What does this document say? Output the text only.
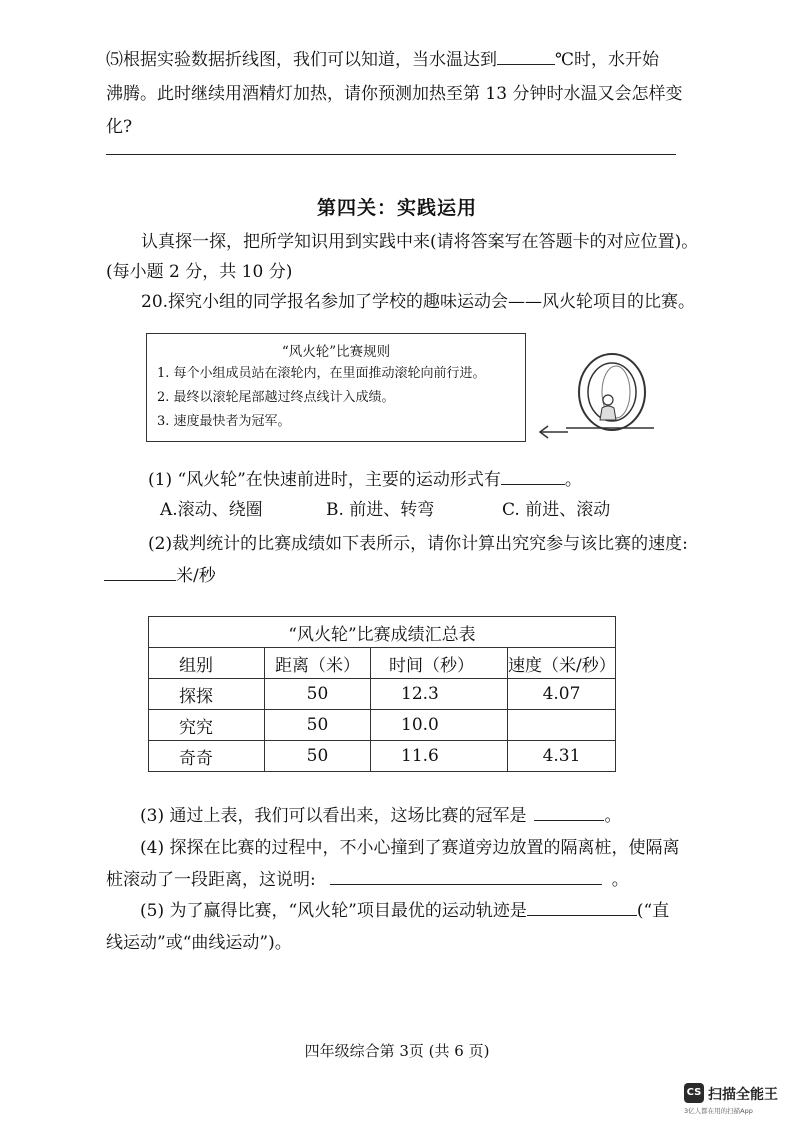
⑸根据实验数据折线图，我们可以知道，当水温达到	℃时，水开始
沸腾。此时继续用酒精灯加热，请你预测加热至第 13 分钟时水温又会怎样变
化?
第四关：实践运用
认真探一探，把所学知识用到实践中来(请将答案写在答题卡的对应位置)。
(每小题 2 分，共 10 分)
20.探究小组的同学报名参加了学校的趣味运动会——风火轮项目的比赛。
“风火轮”比赛规则
1. 每个小组成员站在滚轮内，在里面推动滚轮向前行进。
2. 最终以滚轮尾部越过终点线计入成绩。
3. 速度最快者为冠军。
(1) “风火轮”在快速前进时，主要的运动形式有	。
A.滚动、绕圈	B. 前进、转弯	C. 前进、滚动
(2)裁判统计的比赛成绩如下表所示，请你计算出究究参与该比赛的速度:
米/秒
“风火轮”比赛成绩汇总表			
组别	距离（米）	时间（秒）	速度（米/秒）
探探	50	12.3	4.07
究究	50	10.0	
奇奇	50	11.6	4.31
(3) 通过上表，我们可以看出来，这场比赛的冠军是	。
(4) 探探在比赛的过程中，不小心撞到了赛道旁边放置的隔离桩，使隔离
桩滚动了一段距离，这说明:	。
(5) 为了赢得比赛，“风火轮”项目最优的运动轨迹是	(“直
线运动”或“曲线运动”)。
四年级综合第 3页 (共 6 页)
CS 扫描全能王
3亿人都在用的扫描App
